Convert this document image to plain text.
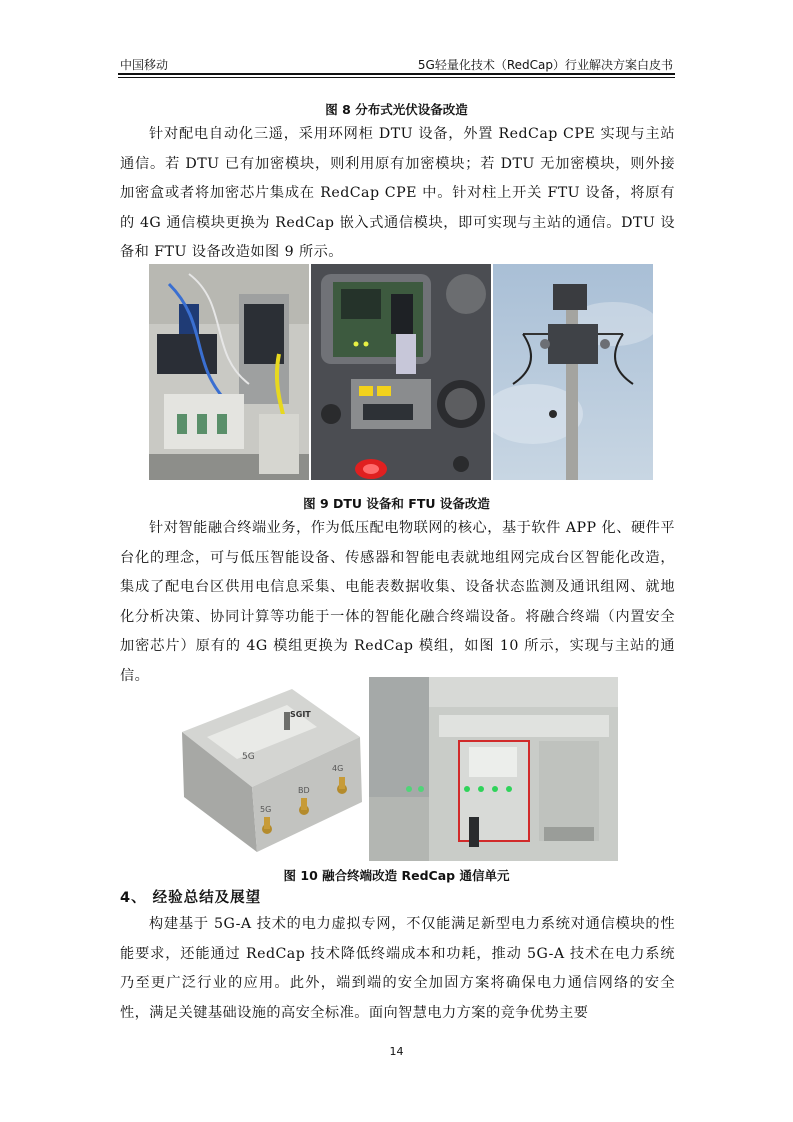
中国移动	5G轻量化技术（RedCap）行业解决方案白皮书
图 8 分布式光伏设备改造
针对配电自动化三遥，采用环网柜 DTU 设备，外置 RedCap CPE 实现与主站通信。若 DTU 已有加密模块，则利用原有加密模块；若 DTU 无加密模块，则外接加密盒或者将加密芯片集成在 RedCap CPE 中。针对柱上开关 FTU 设备，将原有的 4G 通信模块更换为 RedCap 嵌入式通信模块，即可实现与主站的通信。DTU 设备和 FTU 设备改造如图 9 所示。
图 9 DTU 设备和 FTU 设备改造
针对智能融合终端业务，作为低压配电物联网的核心，基于软件 APP 化、硬件平台化的理念，可与低压智能设备、传感器和智能电表就地组网完成台区智能化改造，集成了配电台区供用电信息采集、电能表数据收集、设备状态监测及通讯组网、就地化分析决策、协同计算等功能于一体的智能化融合终端设备。将融合终端（内置安全加密芯片）原有的 4G 模组更换为 RedCap 模组，如图 10 所示，实现与主站的通信。
5G
SGIT
5G
BD
4G
图 10 融合终端改造 RedCap 通信单元
4、 经验总结及展望
构建基于 5G-A 技术的电力虚拟专网，不仅能满足新型电力系统对通信模块的性能要求，还能通过 RedCap 技术降低终端成本和功耗，推动 5G-A 技术在电力系统乃至更广泛行业的应用。此外，端到端的安全加固方案将确保电力通信网络的安全性，满足关键基础设施的高安全标准。面向智慧电力方案的竞争优势主要
14
